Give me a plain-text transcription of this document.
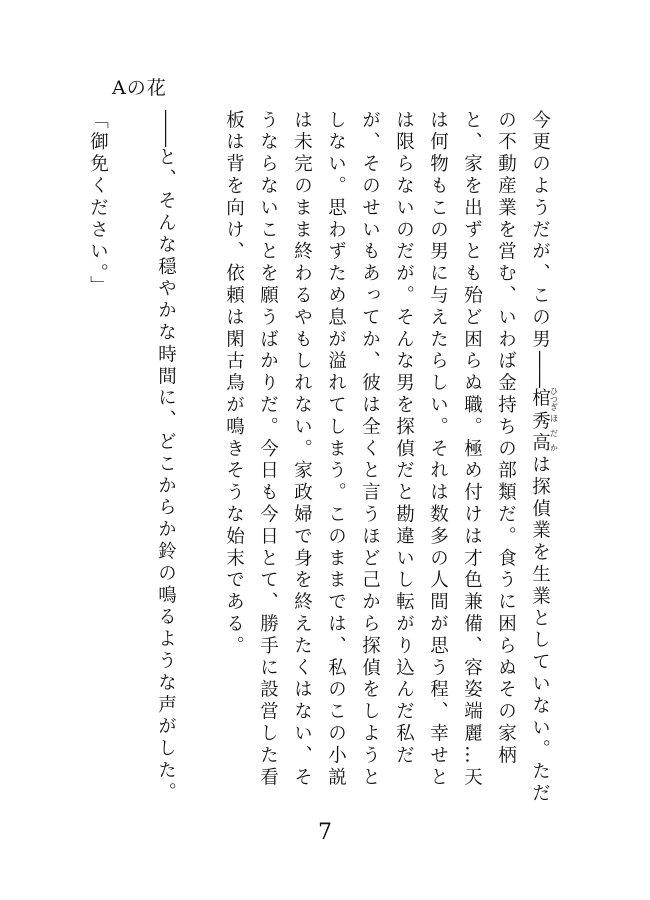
Aの花

今更のようだが、この男――棺 ひつぎ秀高 ほだかは探偵業を生業としていない。ただの不動産業を営む、いわば金持ちの部類だ。食うに困らぬその家柄と、家を出ずとも殆ど困らぬ職。極め付けは才色兼備、容姿端麗…天は何物もこの男に与えたらしい。それは数多の人間が思う程、幸せとは限らないのだが。そんな男を探偵だと勘違いし転がり込んだ私だが、そのせいもあってか、彼は全くと言うほど己から探偵をしようとしない。思わずため息が溢れてしまう。このままでは、私のこの小説は未完のまま終わるやもしれない。家政婦で身を終えたくはない、そうならないことを願うばかりだ。今日も今日とて、勝手に設営した看板は背を向け、依頼は閑古鳥が鳴きそうな始末である。

――と、そんな穏やかな時間に、どこからか鈴の鳴るような声がした。

「御免ください。」

7
